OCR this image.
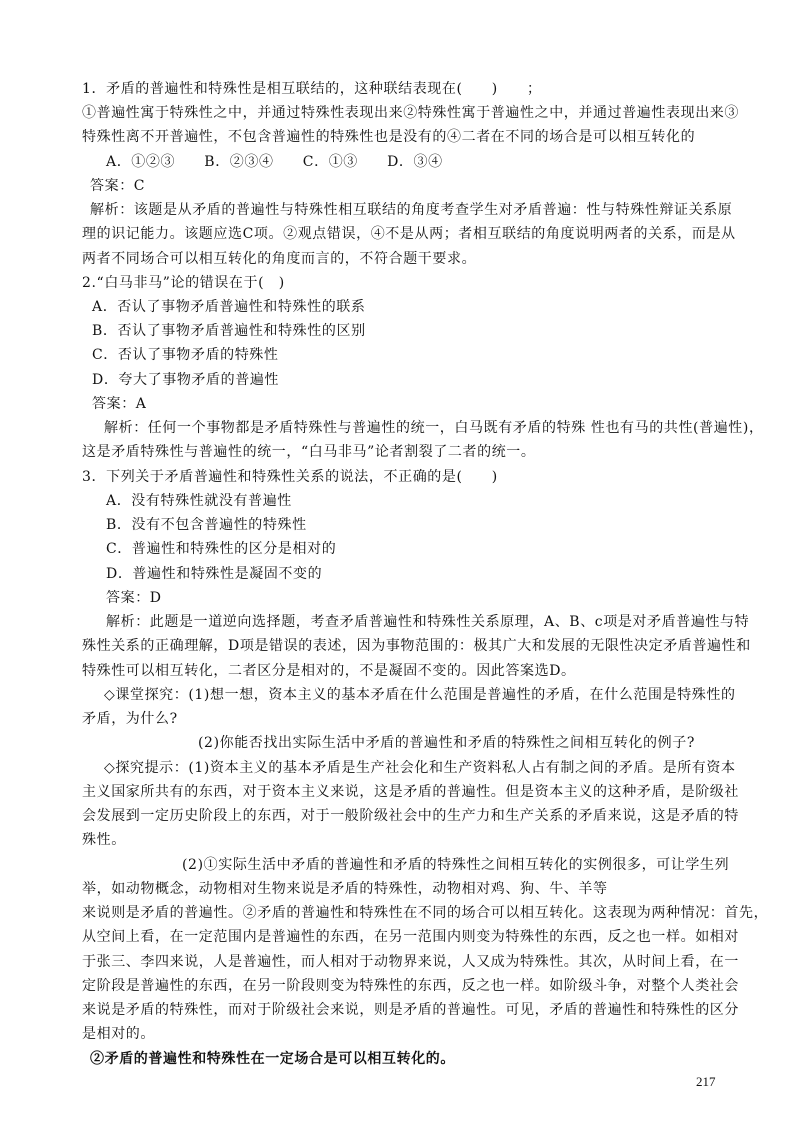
1．矛盾的普遍性和特殊性是相互联结的，这种联结表现在(　　)　　；
①普遍性寓于特殊性之中，并通过特殊性表现出来②特殊性寓于普遍性之中，并通过普遍性表现出来③
特殊性离不开普遍性，不包含普遍性的特殊性也是没有的④二者在不同的场合是可以相互转化的
A．①②③　　B．②③④　　C．①③　　D．③④
答案：C
解析：该题是从矛盾的普遍性与特殊性相互联结的角度考查学生对矛盾普遍：性与特殊性辩证关系原
理的识记能力。该题应选C项。②观点错误，④不是从两；者相互联结的角度说明两者的关系，而是从
两者不同场合可以相互转化的角度而言的，不符合题干要求。
2.“白马非马”论的错误在于(　)
A．否认了事物矛盾普遍性和特殊性的联系
B．否认了事物矛盾普遍性和特殊性的区别
C．否认了事物矛盾的特殊性
D．夸大了事物矛盾的普遍性
答案：A
解析：任何一个事物都是矛盾特殊性与普遍性的统一，白马既有矛盾的特殊 性也有马的共性(普遍性)，
这是矛盾特殊性与普遍性的统一，“白马非马”论者割裂了二者的统一。
3．下列关于矛盾普遍性和特殊性关系的说法，不正确的是(　　)
A．没有特殊性就没有普遍性
B．没有不包含普遍性的特殊性
C．普遍性和特殊性的区分是相对的
D．普遍性和特殊性是凝固不变的
答案：D
解析：此题是一道逆向选择题，考查矛盾普遍性和特殊性关系原理，A、B、c项是对矛盾普遍性与特
殊性关系的正确理解，D项是错误的表述，因为事物范围的：极其广大和发展的无限性决定矛盾普遍性和
特殊性可以相互转化，二者区分是相对的，不是凝固不变的。因此答案选D。
◇课堂探究：(1)想一想，资本主义的基本矛盾在什么范围是普遍性的矛盾，在什么范围是特殊性的
矛盾，为什么?
(2)你能否找出实际生活中矛盾的普遍性和矛盾的特殊性之间相互转化的例子?
◇探究提示：(1)资本主义的基本矛盾是生产社会化和生产资料私人占有制之间的矛盾。是所有资本
主义国家所共有的东西，对于资本主义来说，这是矛盾的普遍性。但是资本主义的这种矛盾，是阶级社
会发展到一定历史阶段上的东西，对于一般阶级社会中的生产力和生产关系的矛盾来说，这是矛盾的特
殊性。
(2)①实际生活中矛盾的普遍性和矛盾的特殊性之间相互转化的实例很多，可让学生列
举，如动物概念，动物相对生物来说是矛盾的特殊性，动物相对鸡、狗、牛、羊等
来说则是矛盾的普遍性。②矛盾的普遍性和特殊性在不同的场合可以相互转化。这表现为两种情况：首先，
从空间上看，在一定范围内是普遍性的东西，在另一范围内则变为特殊性的东西，反之也一样。如相对
于张三、李四来说，人是普遍性，而人相对于动物界来说，人又成为特殊性。其次，从时间上看，在一
定阶段是普遍性的东西，在另一阶段则变为特殊性的东西，反之也一样。如阶级斗争，对整个人类社会
来说是矛盾的特殊性，而对于阶级社会来说，则是矛盾的普遍性。可见，矛盾的普遍性和特殊性的区分
是相对的。
②矛盾的普遍性和特殊性在一定场合是可以相互转化的。
217
